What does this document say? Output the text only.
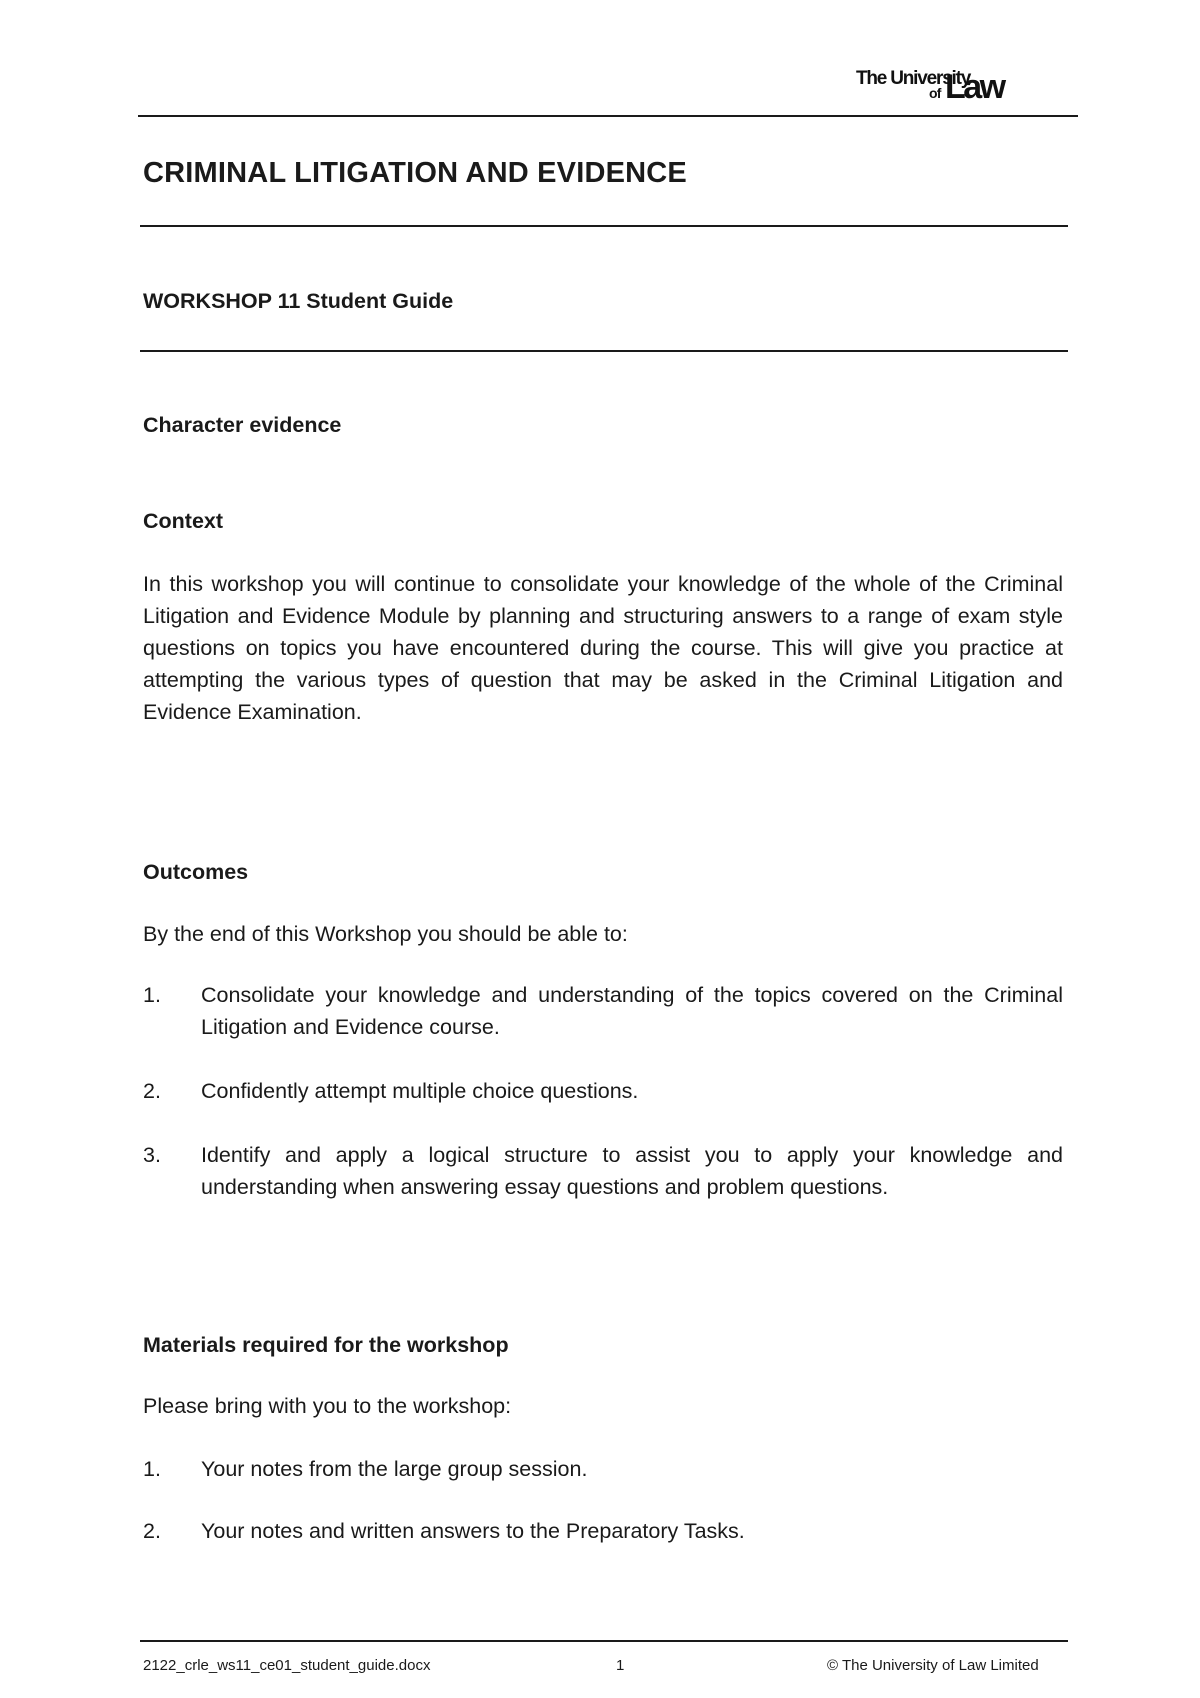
The University
of Law
CRIMINAL LITIGATION AND EVIDENCE
WORKSHOP 11 Student Guide
Character evidence
Context
In this workshop you will continue to consolidate your knowledge of the whole of the Criminal Litigation and Evidence Module by planning and structuring answers to a range of exam style questions on topics you have encountered during the course. This will give you practice at attempting the various types of question that may be asked in the Criminal Litigation and Evidence Examination.
Outcomes
By the end of this Workshop you should be able to:
1. Consolidate your knowledge and understanding of the topics covered on the Criminal Litigation and Evidence course.
2. Confidently attempt multiple choice questions.
3. Identify and apply a logical structure to assist you to apply your knowledge and understanding when answering essay questions and problem questions.
Materials required for the workshop
Please bring with you to the workshop:
1. Your notes from the large group session.
2. Your notes and written answers to the Preparatory Tasks.
2122_crle_ws11_ce01_student_guide.docx	1	© The University of Law Limited
